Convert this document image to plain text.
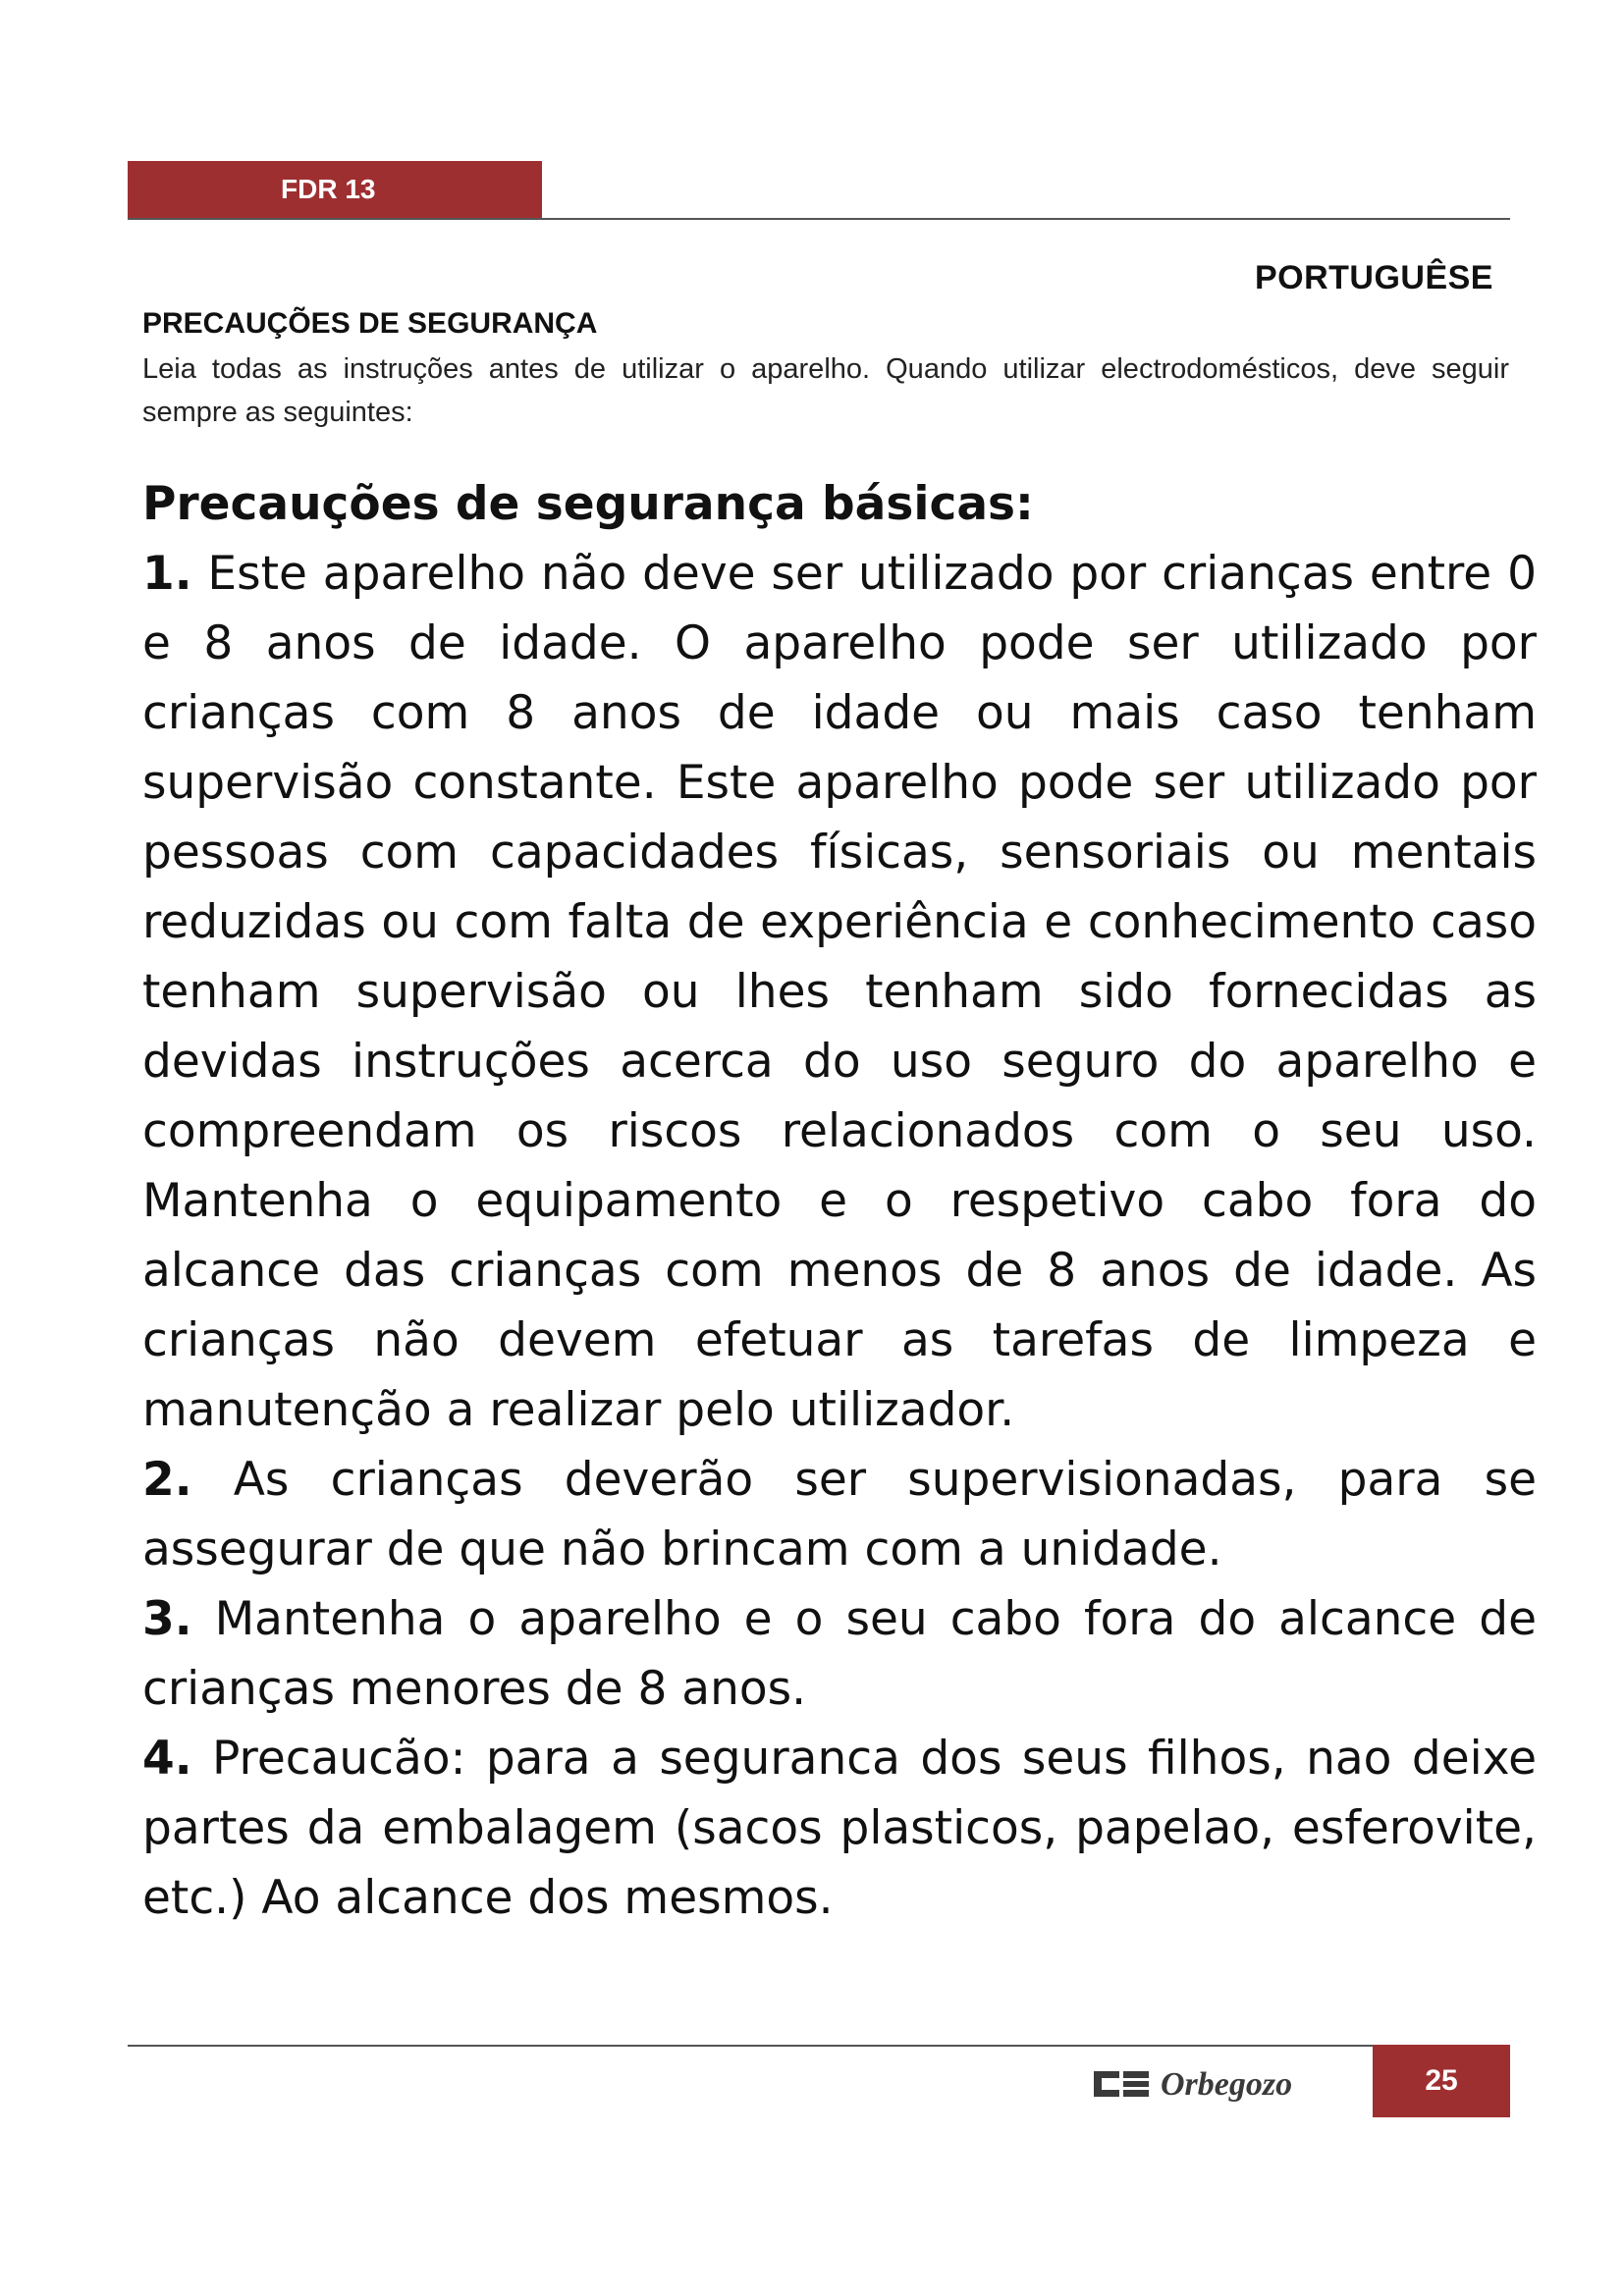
FDR 13
PORTUGUÊSE
PRECAUÇÕES DE SEGURANÇA
Leia todas as instruções antes de utilizar o aparelho. Quando utilizar electrodomésticos, deve seguir sempre as seguintes:

Precauções de segurança básicas:

1. Este aparelho não deve ser utilizado por crianças entre 0 e 8 anos de idade. O aparelho pode ser utilizado por crianças com 8 anos de idade ou mais caso tenham supervisão constante. Este aparelho pode ser utilizado por pessoas com capacidades físicas, sensoriais ou mentais reduzidas ou com falta de experiência e conhecimento caso tenham supervisão ou lhes tenham sido fornecidas as devidas instruções acerca do uso seguro do aparelho e compreendam os riscos relacionados com o seu uso. Mantenha o equipamento e o respetivo cabo fora do alcance das crianças com menos de 8 anos de idade. As crianças não devem efetuar as tarefas de limpeza e manutenção a realizar pelo utilizador.

2. As crianças deverão ser supervisionadas, para se assegurar de que não brincam com a unidade.

3. Mantenha o aparelho e o seu cabo fora do alcance de crianças menores de 8 anos.

4. Precaucão: para a seguranca dos seus filhos, nao deixe partes da embalagem (sacos plasticos, papelao, esferovite, etc.) Ao alcance dos mesmos.

Orbegozo	25
